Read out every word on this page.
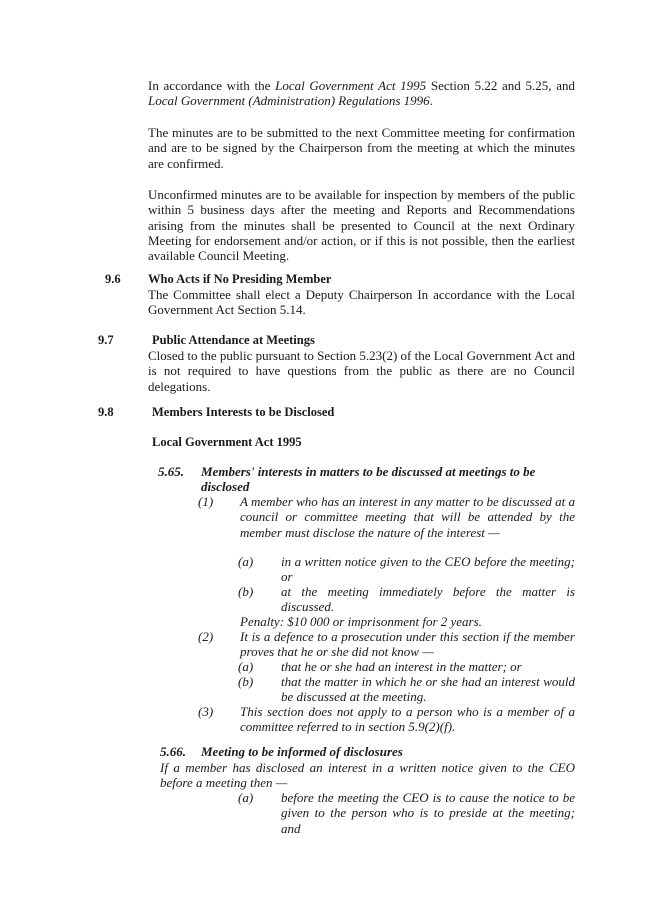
In accordance with the Local Government Act 1995 Section 5.22 and 5.25, and Local Government (Administration) Regulations 1996.

The minutes are to be submitted to the next Committee meeting for confirmation and are to be signed by the Chairperson from the meeting at which the minutes are confirmed.

Unconfirmed minutes are to be available for inspection by members of the public within 5 business days after the meeting and Reports and Recommendations arising from the minutes shall be presented to Council at the next Ordinary Meeting for endorsement and/or action, or if this is not possible, then the earliest available Council Meeting.

9.6 Who Acts if No Presiding Member

The Committee shall elect a Deputy Chairperson In accordance with the Local Government Act Section 5.14.

9.7	Public Attendance at Meetings

Closed to the public pursuant to Section 5.23(2) of the Local Government Act and is not required to have questions from the public as there are no Council delegations.

9.8	Members Interests to be Disclosed
Local Government Act 1995
5.65. Members' interests in matters to be discussed at meetings to be
disclosed
(1) A member who has an interest in any matter to be discussed at a council or committee meeting that will be attended by the member must disclose the nature of the interest —

(a) in a written notice given to the CEO before the meeting; or

(b) at the meeting immediately before the matter is discussed.

Penalty: $10 000 or imprisonment for 2 years.
(2) It is a defence to a prosecution under this section if the member proves that he or she did not know —

(a) that he or she had an interest in the matter; or

(b) that the matter in which he or she had an interest would be discussed at the meeting.

(3) This section does not apply to a person who is a member of a committee referred to in section 5.9(2)(f).

5.66. Meeting to be informed of disclosures

If a member has disclosed an interest in a written notice given to the CEO before a meeting then —

(a) before the meeting the CEO is to cause the notice to be given to the person who is to preside at the meeting; and
